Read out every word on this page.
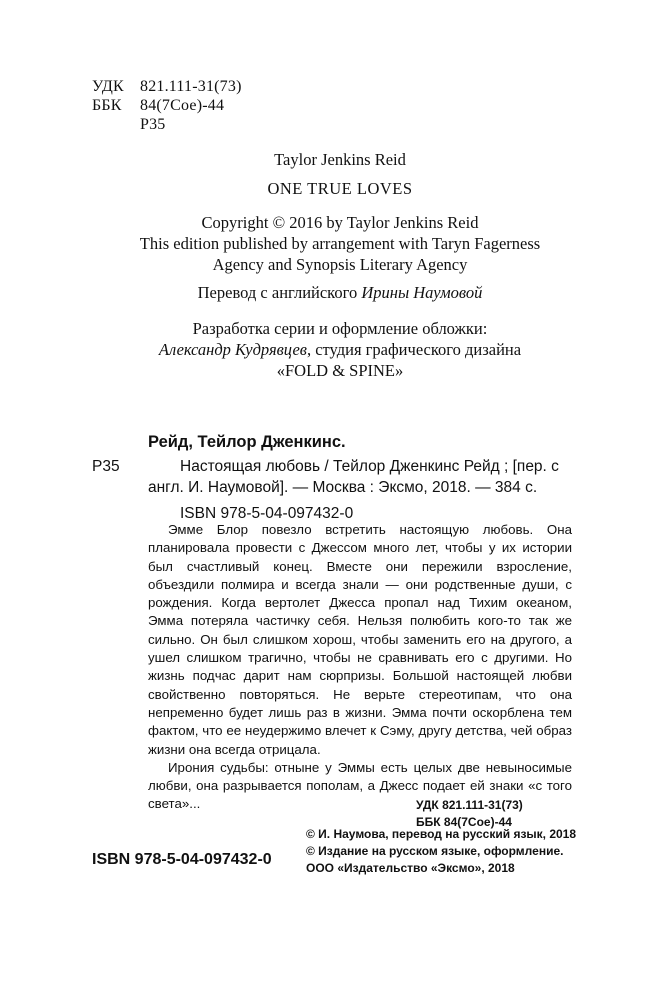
УДК 821.111-31(73)
ББК 84(7Сое)-44
Р35
Taylor Jenkins Reid
ONE TRUE LOVES
Copyright © 2016 by Taylor Jenkins Reid
This edition published by arrangement with Taryn Fagerness
Agency and Synopsis Literary Agency
Перевод с английского Ирины Наумовой
Разработка серии и оформление обложки:
Александр Кудрявцев, студия графического дизайна
«FOLD & SPINE»
Рейд, Тейлор Дженкинс.
Р35	Настоящая любовь / Тейлор Дженкинс Рейд ; [пер. с
англ. И. Наумовой]. — Москва : Эксмо, 2018. — 384 с.
ISBN 978-5-04-097432-0

Эмме Блор повезло встретить настоящую любовь. Она планировала провести с Джессом много лет, чтобы у их истории был счастливый конец. Вместе они пережили взросление, объездили полмира и всегда знали — они родственные души, с рождения. Когда вертолет Джесса пропал над Тихим океаном, Эмма потеряла частичку себя. Нельзя полюбить кого-то так же сильно. Он был слишком хорош, чтобы заменить его на другого, а ушел слишком трагично, чтобы не сравнивать его с другими. Но жизнь подчас дарит нам сюрпризы. Большой настоящей любви свойственно повторяться. Не верьте стереотипам, что она непременно будет лишь раз в жизни. Эмма почти оскорблена тем фактом, что ее неудержимо влечет к Сэму, другу детства, чей образ жизни она всегда отрицала.

Ирония судьбы: отныне у Эммы есть целых две невыносимые любви, она разрывается пополам, а Джесс подает ей знаки «с того света»...	УДК 821.111-31(73)
ББК 84(7Сое)-44
ISBN 978-5-04-097432-0
© И. Наумова, перевод на русский язык, 2018
© Издание на русском языке, оформление.
ООО «Издательство «Эксмо», 2018
